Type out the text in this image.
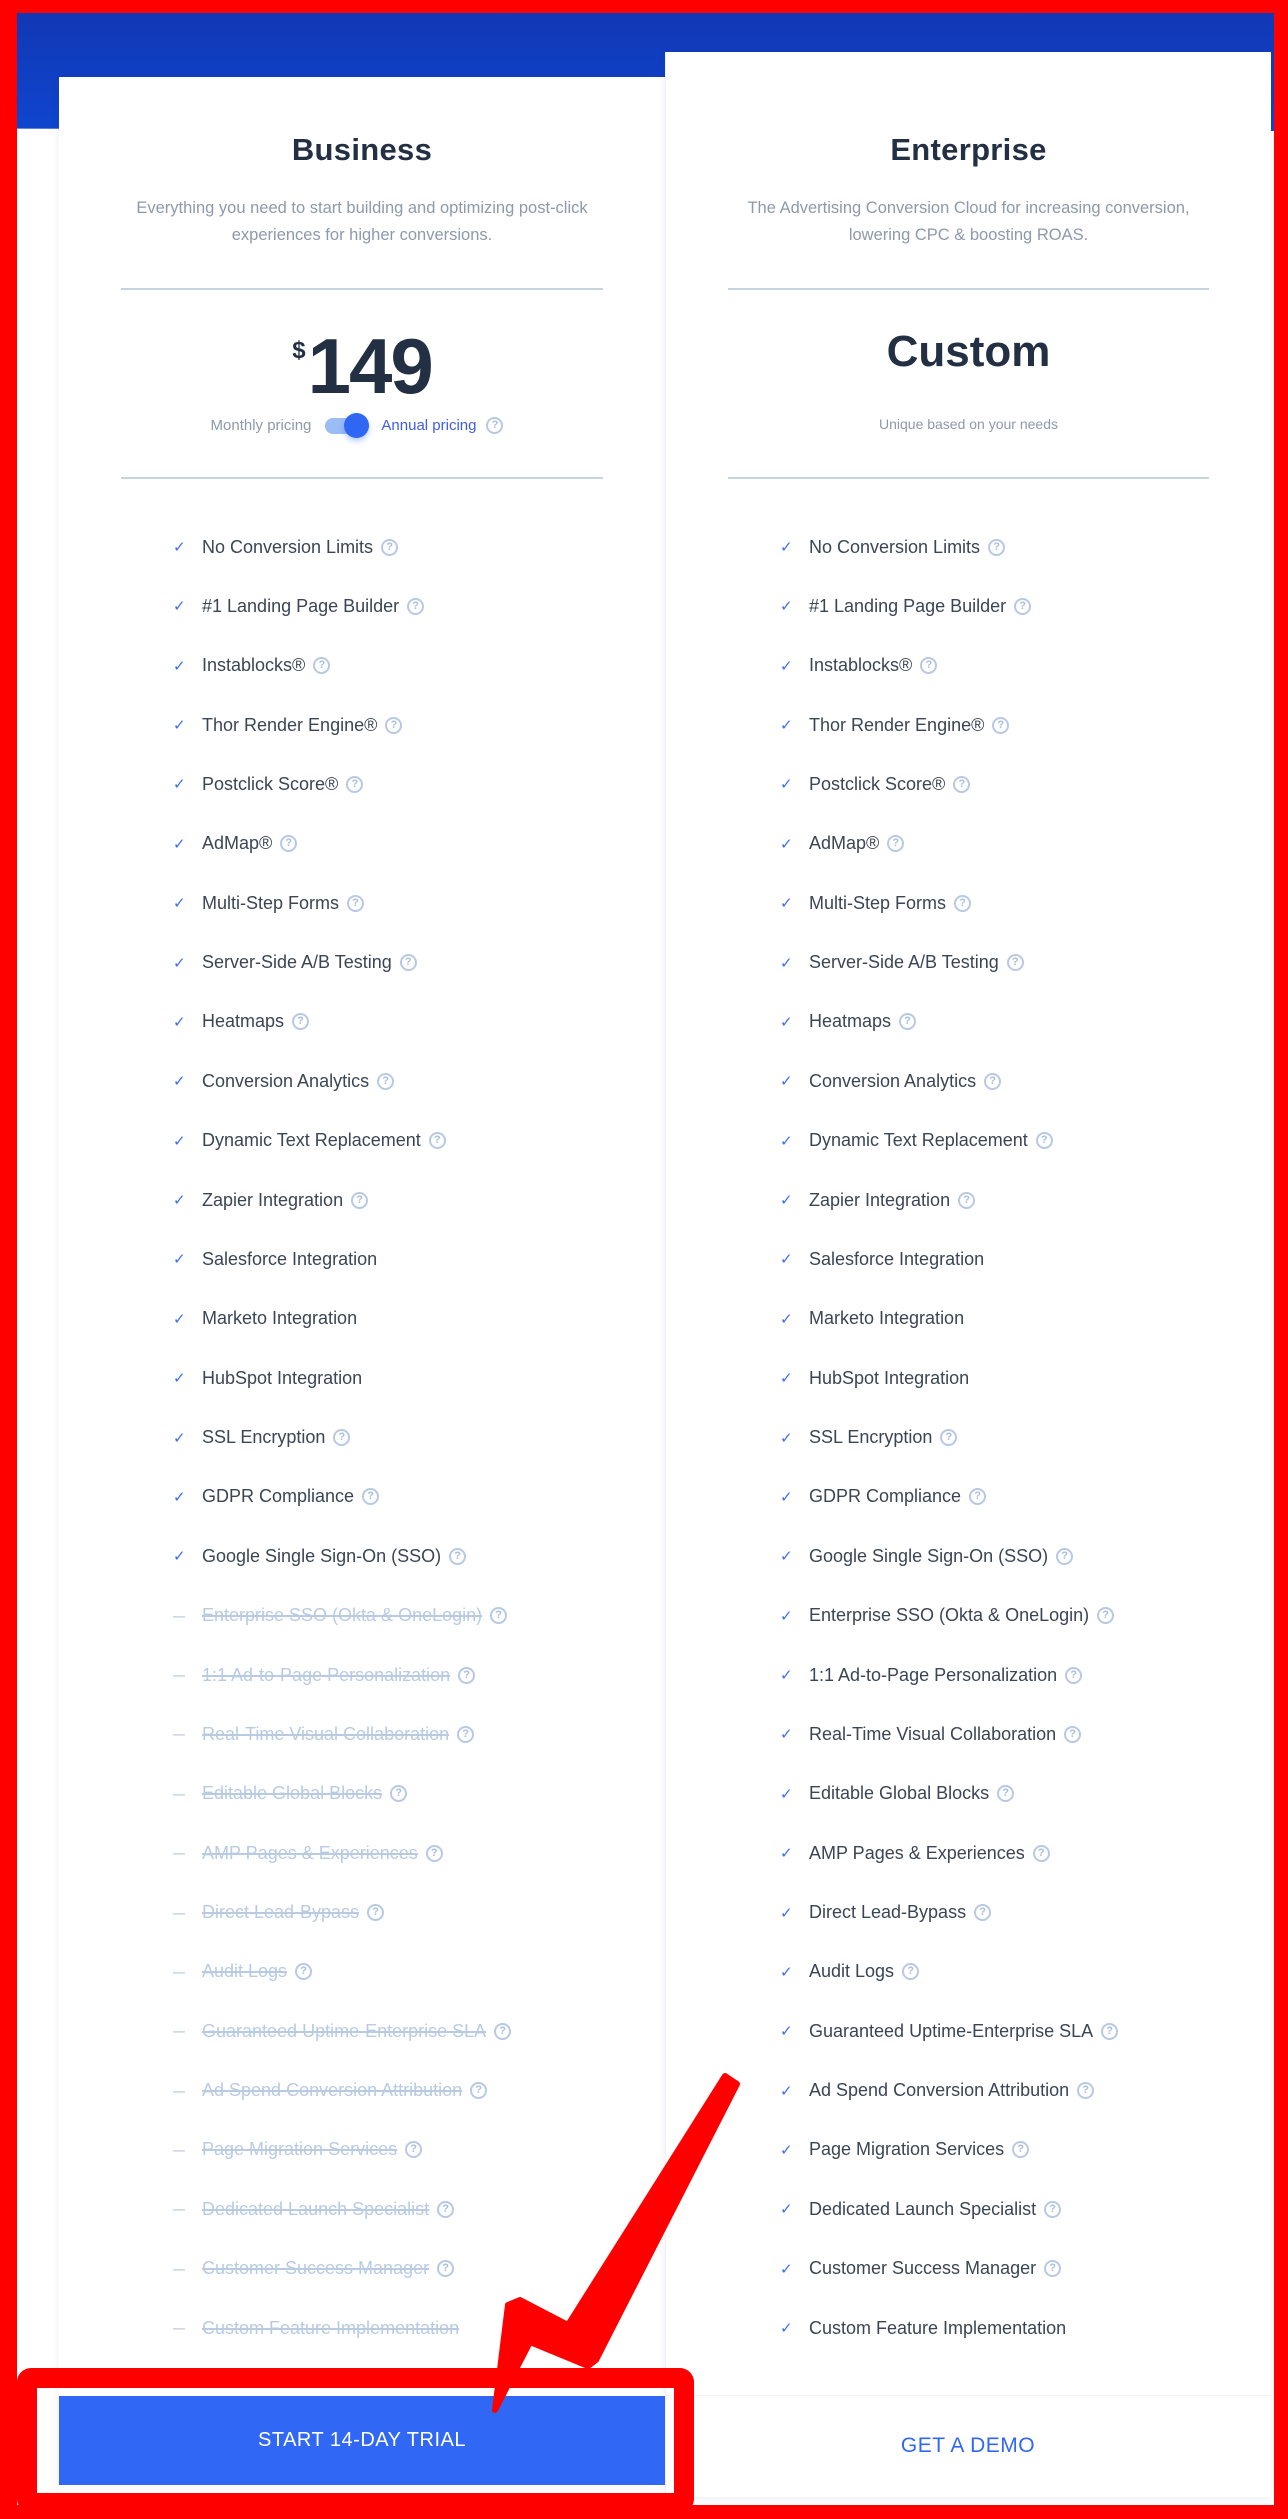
Business
Everything you need to start building and optimizing post-click experiences for higher conversions.
$149
Monthly pricing	Annual pricing	?
✓ No Conversion Limits	?
✓ #1 Landing Page Builder	?
✓ Instablocks®	?
✓ Thor Render Engine®	?
✓ Postclick Score®	?
✓ AdMap®	?
✓ Multi-Step Forms	?
✓ Server-Side A/B Testing	?
✓ Heatmaps	?
✓ Conversion Analytics	?
✓ Dynamic Text Replacement	?
✓ Zapier Integration	?
✓ Salesforce Integration
✓ Marketo Integration
✓ HubSpot Integration
✓ SSL Encryption	?
✓ GDPR Compliance	?
✓ Google Single Sign-On (SSO)	?
— Enterprise SSO (Okta & OneLogin)	?
— 1:1 Ad-to-Page Personalization	?
— Real-Time Visual Collaboration	?
— Editable Global Blocks	?
— AMP Pages & Experiences	?
— Direct Lead-Bypass	?
— Audit Logs	?
— Guaranteed Uptime-Enterprise SLA	?
— Ad Spend Conversion Attribution	?
— Page Migration Services	?
— Dedicated Launch Specialist	?
— Customer Success Manager	?
— Custom Feature Implementation
Enterprise
The Advertising Conversion Cloud for increasing conversion, lowering CPC & boosting ROAS.
Custom
Unique based on your needs
✓ No Conversion Limits	?
✓ #1 Landing Page Builder	?
✓ Instablocks®	?
✓ Thor Render Engine®	?
✓ Postclick Score®	?
✓ AdMap®	?
✓ Multi-Step Forms	?
✓ Server-Side A/B Testing	?
✓ Heatmaps	?
✓ Conversion Analytics	?
✓ Dynamic Text Replacement	?
✓ Zapier Integration	?
✓ Salesforce Integration
✓ Marketo Integration
✓ HubSpot Integration
✓ SSL Encryption	?
✓ GDPR Compliance	?
✓ Google Single Sign-On (SSO)	?
✓ Enterprise SSO (Okta & OneLogin)	?
✓ 1:1 Ad-to-Page Personalization	?
✓ Real-Time Visual Collaboration	?
✓ Editable Global Blocks	?
✓ AMP Pages & Experiences	?
✓ Direct Lead-Bypass	?
✓ Audit Logs	?
✓ Guaranteed Uptime-Enterprise SLA	?
✓ Ad Spend Conversion Attribution	?
✓ Page Migration Services	?
✓ Dedicated Launch Specialist	?
✓ Customer Success Manager	?
✓ Custom Feature Implementation
START 14-DAY TRIAL	GET A DEMO
